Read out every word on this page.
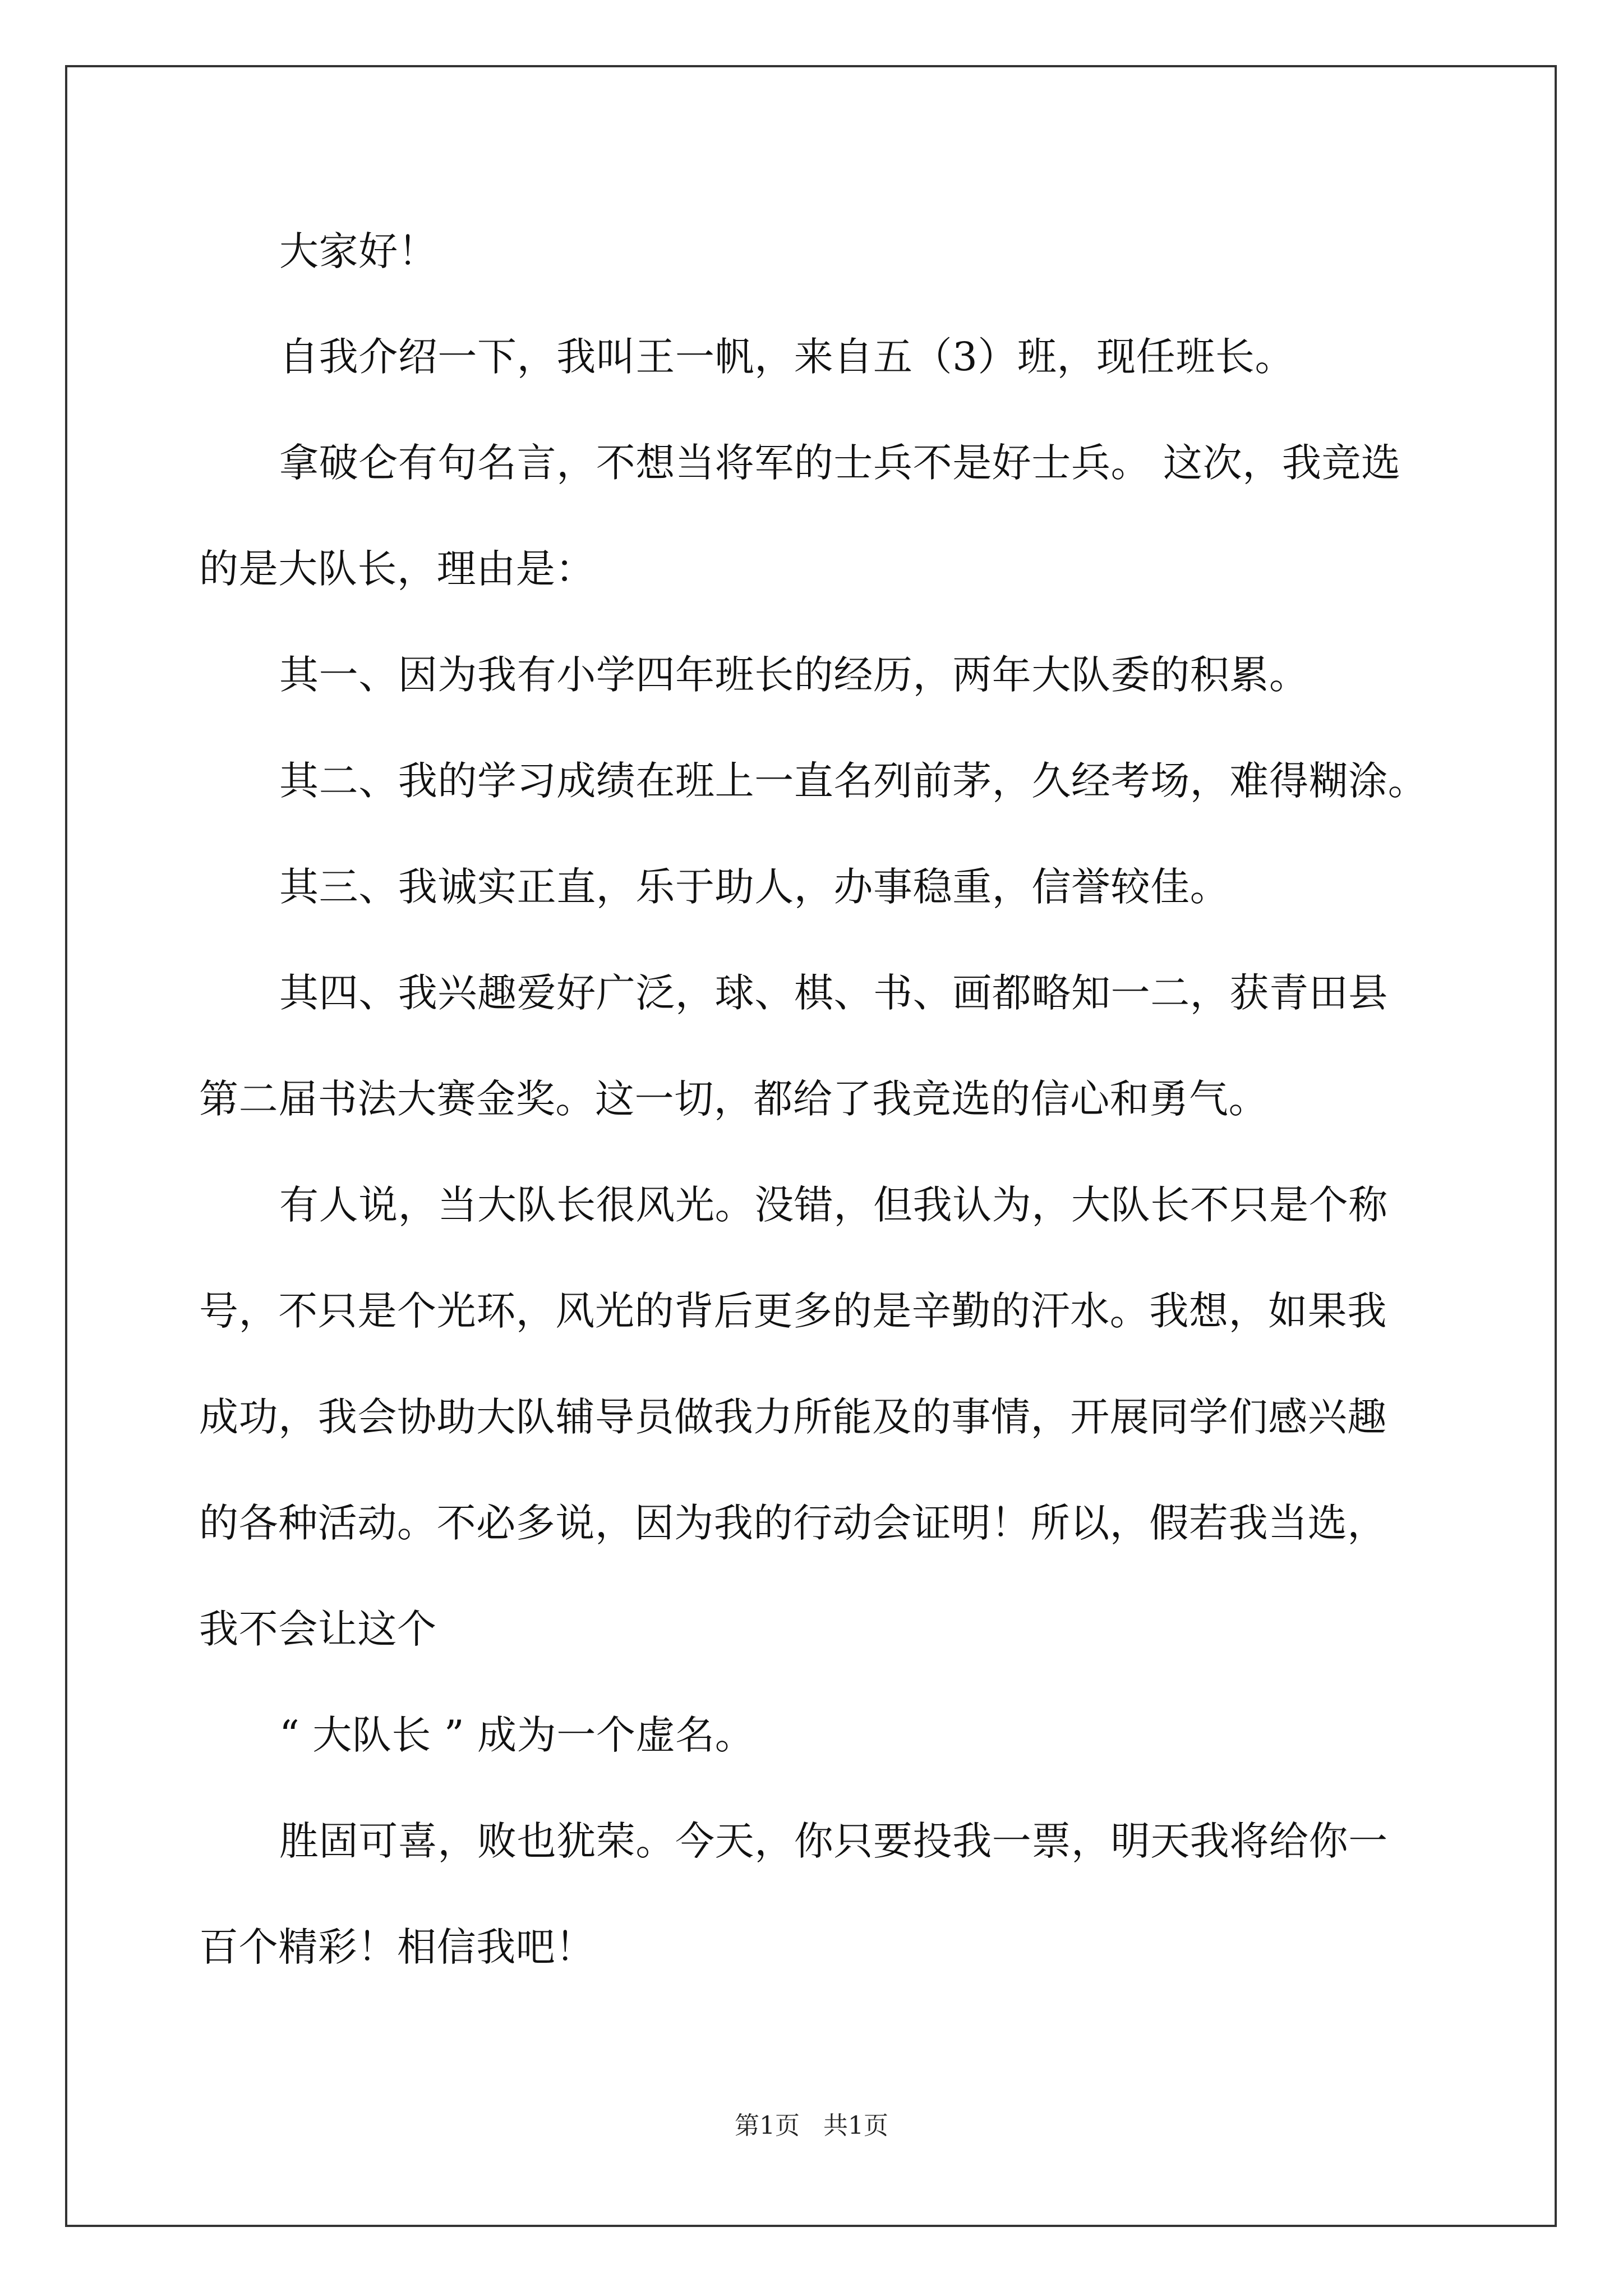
大家好！
自我介绍一下，我叫王一帆，来自五（3）班，现任班长。
拿破仑有句名言，不想当将军的士兵不是好士兵。 这次，我竞选
的是大队长，理由是：
其一、因为我有小学四年班长的经历，两年大队委的积累。
其二、我的学习成绩在班上一直名列前茅，久经考场，难得糊涂。
其三、我诚实正直，乐于助人，办事稳重，信誉较佳。
其四、我兴趣爱好广泛，球、棋、书、画都略知一二，获青田县
第二届书法大赛金奖。这一切，都给了我竞选的信心和勇气。
有人说，当大队长很风光。没错，但我认为，大队长不只是个称
号，不只是个光环，风光的背后更多的是辛勤的汗水。我想，如果我
成功，我会协助大队辅导员做我力所能及的事情，开展同学们感兴趣
的各种活动。不必多说，因为我的行动会证明！所以，假若我当选，
我不会让这个
“ 大队长 ” 成为一个虚名。
胜固可喜，败也犹荣。今天，你只要投我一票，明天我将给你一
百个精彩！相信我吧！
第1页   共1页
